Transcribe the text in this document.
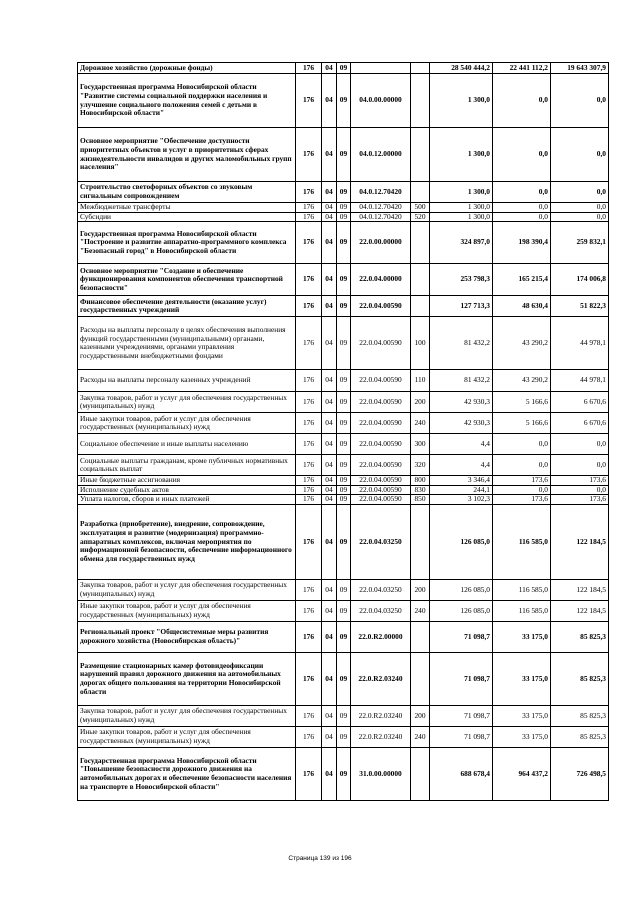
Дорожное хозяйство (дорожные фонды)	176	04	09			28 540 444,2	22 441 112,2	19 643 307,9
Государственная программа Новосибирской области "Развитие системы социальной поддержки населения и улучшение социального положения семей с детьми в Новосибирской области"	176	04	09	04.0.00.00000		1 300,0	0,0	0,0
Основное мероприятие "Обеспечение доступности приоритетных объектов и услуг в приоритетных сферах жизнедеятельности инвалидов и других маломобильных групп населения"	176	04	09	04.0.12.00000		1 300,0	0,0	0,0
Строительство светофорных объектов со звуковым сигнальным сопровождением	176	04	09	04.0.12.70420		1 300,0	0,0	0,0
Межбюджетные трансферты	176	04	09	04.0.12.70420	500	1 300,0	0,0	0,0
Субсидии	176	04	09	04.0.12.70420	520	1 300,0	0,0	0,0
Государственная программа Новосибирской области "Построение и развитие аппаратно-программного комплекса "Безопасный город" в Новосибирской области	176	04	09	22.0.00.00000		324 897,0	198 390,4	259 832,1
Основное мероприятие "Создание и обеспечение функционирования компонентов обеспечения транспортной безопасности"	176	04	09	22.0.04.00000		253 798,3	165 215,4	174 006,8
Финансовое обеспечение деятельности (оказание услуг) государственных учреждений	176	04	09	22.0.04.00590		127 713,3	48 630,4	51 822,3
Расходы на выплаты персоналу в целях обеспечения выполнения функций государственными (муниципальными) органами, казенными учреждениями, органами управления государственными внебюджетными фондами	176	04	09	22.0.04.00590	100	81 432,2	43 290,2	44 978,1
Расходы на выплаты персоналу казенных учреждений	176	04	09	22.0.04.00590	110	81 432,2	43 290,2	44 978,1
Закупка товаров, работ и услуг для обеспечения государственных (муниципальных) нужд	176	04	09	22.0.04.00590	200	42 930,3	5 166,6	6 670,6
Иные закупки товаров, работ и услуг для обеспечения государственных (муниципальных) нужд	176	04	09	22.0.04.00590	240	42 930,3	5 166,6	6 670,6
Социальное обеспечение и иные выплаты населению	176	04	09	22.0.04.00590	300	4,4	0,0	0,0
Социальные выплаты гражданам, кроме публичных нормативных социальных выплат	176	04	09	22.0.04.00590	320	4,4	0,0	0,0
Иные бюджетные ассигнования	176	04	09	22.0.04.00590	800	3 346,4	173,6	173,6
Исполнение судебных актов	176	04	09	22.0.04.00590	830	244,1	0,0	0,0
Уплата налогов, сборов и иных платежей	176	04	09	22.0.04.00590	850	3 102,3	173,6	173,6
Разработка (приобретение), внедрение, сопровождение, эксплуатация и развитие (модернизация) программно-аппаратных комплексов, включая мероприятия по информационной безопасности, обеспечение информационного обмена для государственных нужд	176	04	09	22.0.04.03250		126 085,0	116 585,0	122 184,5
Закупка товаров, работ и услуг для обеспечения государственных (муниципальных) нужд	176	04	09	22.0.04.03250	200	126 085,0	116 585,0	122 184,5
Иные закупки товаров, работ и услуг для обеспечения государственных (муниципальных) нужд	176	04	09	22.0.04.03250	240	126 085,0	116 585,0	122 184,5
Региональный проект "Общесистемные меры развития дорожного хозяйства (Новосибирская область)"	176	04	09	22.0.R2.00000		71 098,7	33 175,0	85 825,3
Размещение стационарных камер фотовидеофиксации нарушений правил дорожного движения на автомобильных дорогах общего пользования на территории Новосибирской области	176	04	09	22.0.R2.03240		71 098,7	33 175,0	85 825,3
Закупка товаров, работ и услуг для обеспечения государственных (муниципальных) нужд	176	04	09	22.0.R2.03240	200	71 098,7	33 175,0	85 825,3
Иные закупки товаров, работ и услуг для обеспечения государственных (муниципальных) нужд	176	04	09	22.0.R2.03240	240	71 098,7	33 175,0	85 825,3
Государственная программа Новосибирской области "Повышение безопасности дорожного движения на автомобильных дорогах и обеспечение безопасности населения на транспорте в Новосибирской области"	176	04	09	31.0.00.00000		688 678,4	964 437,2	726 498,5
Страница 139 из 196
